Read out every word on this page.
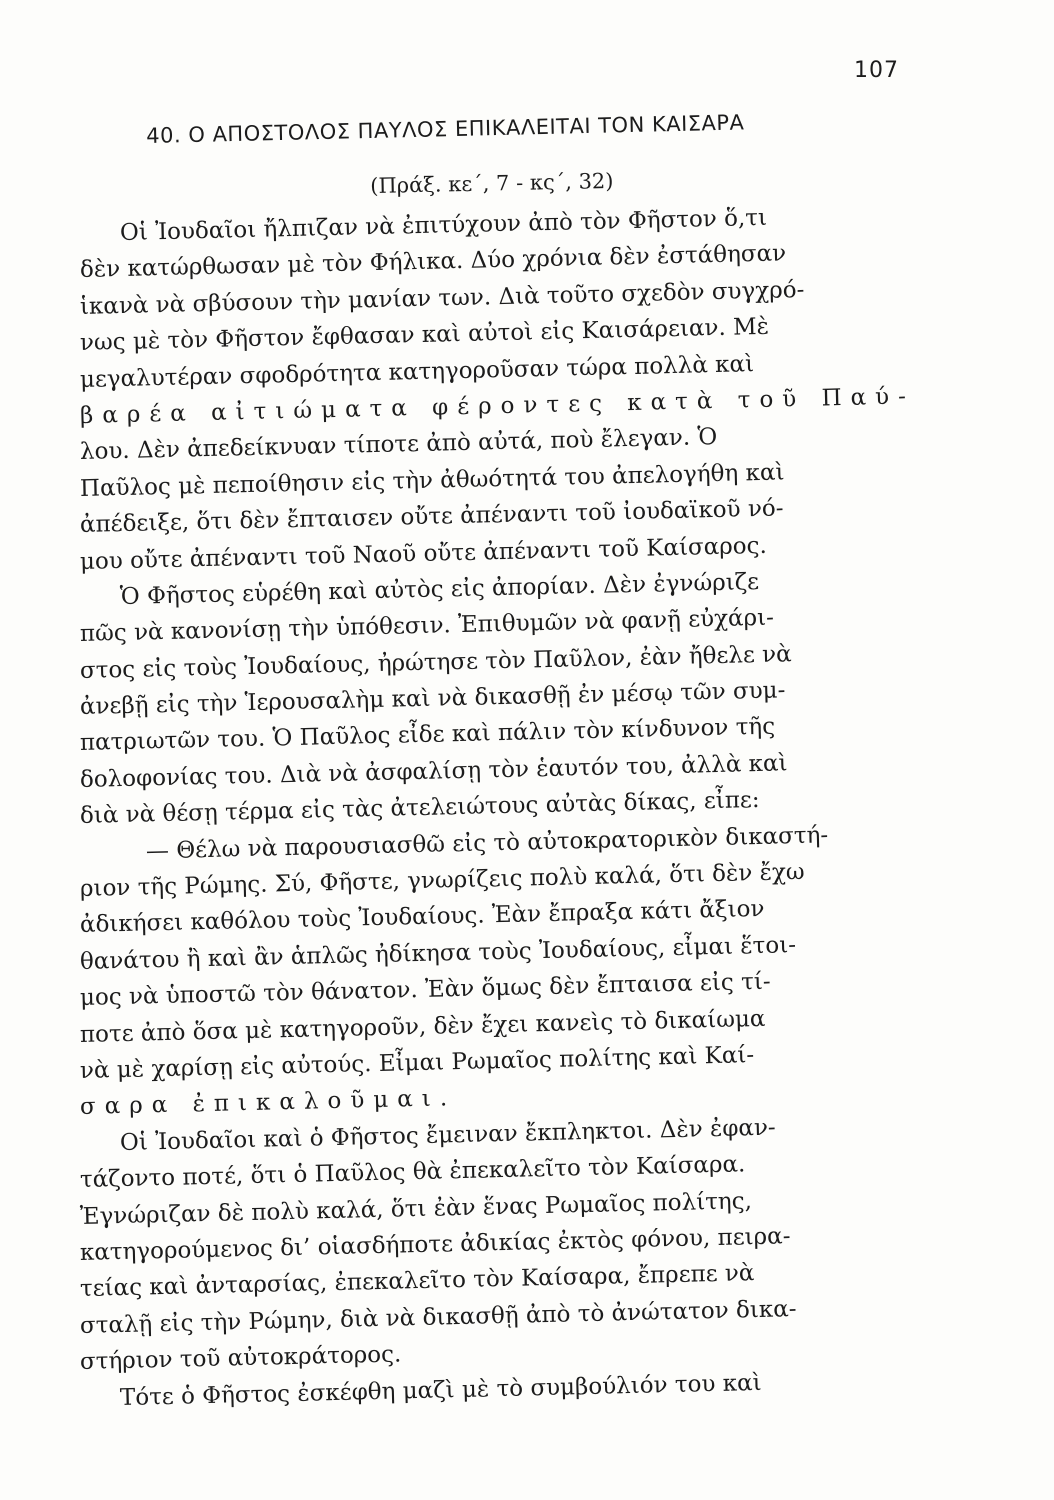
107
40. Ο ΑΠΟΣΤΟΛΟΣ ΠΑΥΛΟΣ ΕΠΙΚΑΛΕΙΤΑΙ ΤΟΝ ΚΑΙΣΑΡΑ
(Πράξ. κε΄, 7 - κς΄, 32)
Οἱ Ἰουδαῖοι ἤλπιζαν νὰ ἐπιτύχουν ἀπὸ τὸν Φῆστον ὅ,τι
δὲν κατώρθωσαν μὲ τὸν Φήλικα. Δύο χρόνια δὲν ἐστάθησαν
ἱκανὰ νὰ σβύσουν τὴν μανίαν των. Διὰ τοῦτο σχεδὸν συγχρό-
νως μὲ τὸν Φῆστον ἔφθασαν καὶ αὐτοὶ εἰς Καισάρειαν. Μὲ
μεγαλυτέραν σφοδρότητα κατηγοροῦσαν τώρα πολλὰ καὶ
βαρέα αἰτιώματα φέροντες κατὰ τοῦ Παύ-
λου. Δὲν ἀπεδείκνυαν τίποτε ἀπὸ αὐτά, ποὺ ἔλεγαν. Ὁ
Παῦλος μὲ πεποίθησιν εἰς τὴν ἀθωότητά του ἀπελογήθη καὶ
ἀπέδειξε, ὅτι δὲν ἔπταισεν οὔτε ἀπέναντι τοῦ ἰουδαϊκοῦ νό-
μου οὔτε ἀπέναντι τοῦ Ναοῦ οὔτε ἀπέναντι τοῦ Καίσαρος.
Ὁ Φῆστος εὑρέθη καὶ αὐτὸς εἰς ἀπορίαν. Δὲν ἐγνώριζε
πῶς νὰ κανονίσῃ τὴν ὑπόθεσιν. Ἐπιθυμῶν νὰ φανῇ εὐχάρι-
στος εἰς τοὺς Ἰουδαίους, ἠρώτησε τὸν Παῦλον, ἐὰν ἤθελε νὰ
ἀνεβῇ εἰς τὴν Ἱερουσαλὴμ καὶ νὰ δικασθῇ ἐν μέσῳ τῶν συμ-
πατριωτῶν του. Ὁ Παῦλος εἶδε καὶ πάλιν τὸν κίνδυνον τῆς
δολοφονίας του. Διὰ νὰ ἀσφαλίσῃ τὸν ἑαυτόν του, ἀλλὰ καὶ
διὰ νὰ θέσῃ τέρμα εἰς τὰς ἀτελειώτους αὐτὰς δίκας, εἶπε:
— Θέλω νὰ παρουσιασθῶ εἰς τὸ αὐτοκρατορικὸν δικαστή-
ριον τῆς Ρώμης. Σύ, Φῆστε, γνωρίζεις πολὺ καλά, ὅτι δὲν ἔχω
ἀδικήσει καθόλου τοὺς Ἰουδαίους. Ἐὰν ἔπραξα κάτι ἄξιον
θανάτου ἢ καὶ ἂν ἁπλῶς ἠδίκησα τοὺς Ἰουδαίους, εἶμαι ἕτοι-
μος νὰ ὑποστῶ τὸν θάνατον. Ἐὰν ὅμως δὲν ἔπταισα εἰς τί-
ποτε ἀπὸ ὅσα μὲ κατηγοροῦν, δὲν ἔχει κανεὶς τὸ δικαίωμα
νὰ μὲ χαρίσῃ εἰς αὐτούς. Εἶμαι Ρωμαῖος πολίτης καὶ Καί-
σαρα ἐπικαλοῦμαι.
Οἱ Ἰουδαῖοι καὶ ὁ Φῆστος ἔμειναν ἔκπληκτοι. Δὲν ἐφαν-
τάζοντο ποτέ, ὅτι ὁ Παῦλος θὰ ἐπεκαλεῖτο τὸν Καίσαρα.
Ἐγνώριζαν δὲ πολὺ καλά, ὅτι ἐὰν ἕνας Ρωμαῖος πολίτης,
κατηγορούμενος δι’ οἱασδήποτε ἀδικίας ἐκτὸς φόνου, πειρα-
τείας καὶ ἀνταρσίας, ἐπεκαλεῖτο τὸν Καίσαρα, ἔπρεπε νὰ
σταλῇ εἰς τὴν Ρώμην, διὰ νὰ δικασθῇ ἀπὸ τὸ ἀνώτατον δικα-
στήριον τοῦ αὐτοκράτορος.
Τότε ὁ Φῆστος ἐσκέφθη μαζὶ μὲ τὸ συμβούλιόν του καὶ
